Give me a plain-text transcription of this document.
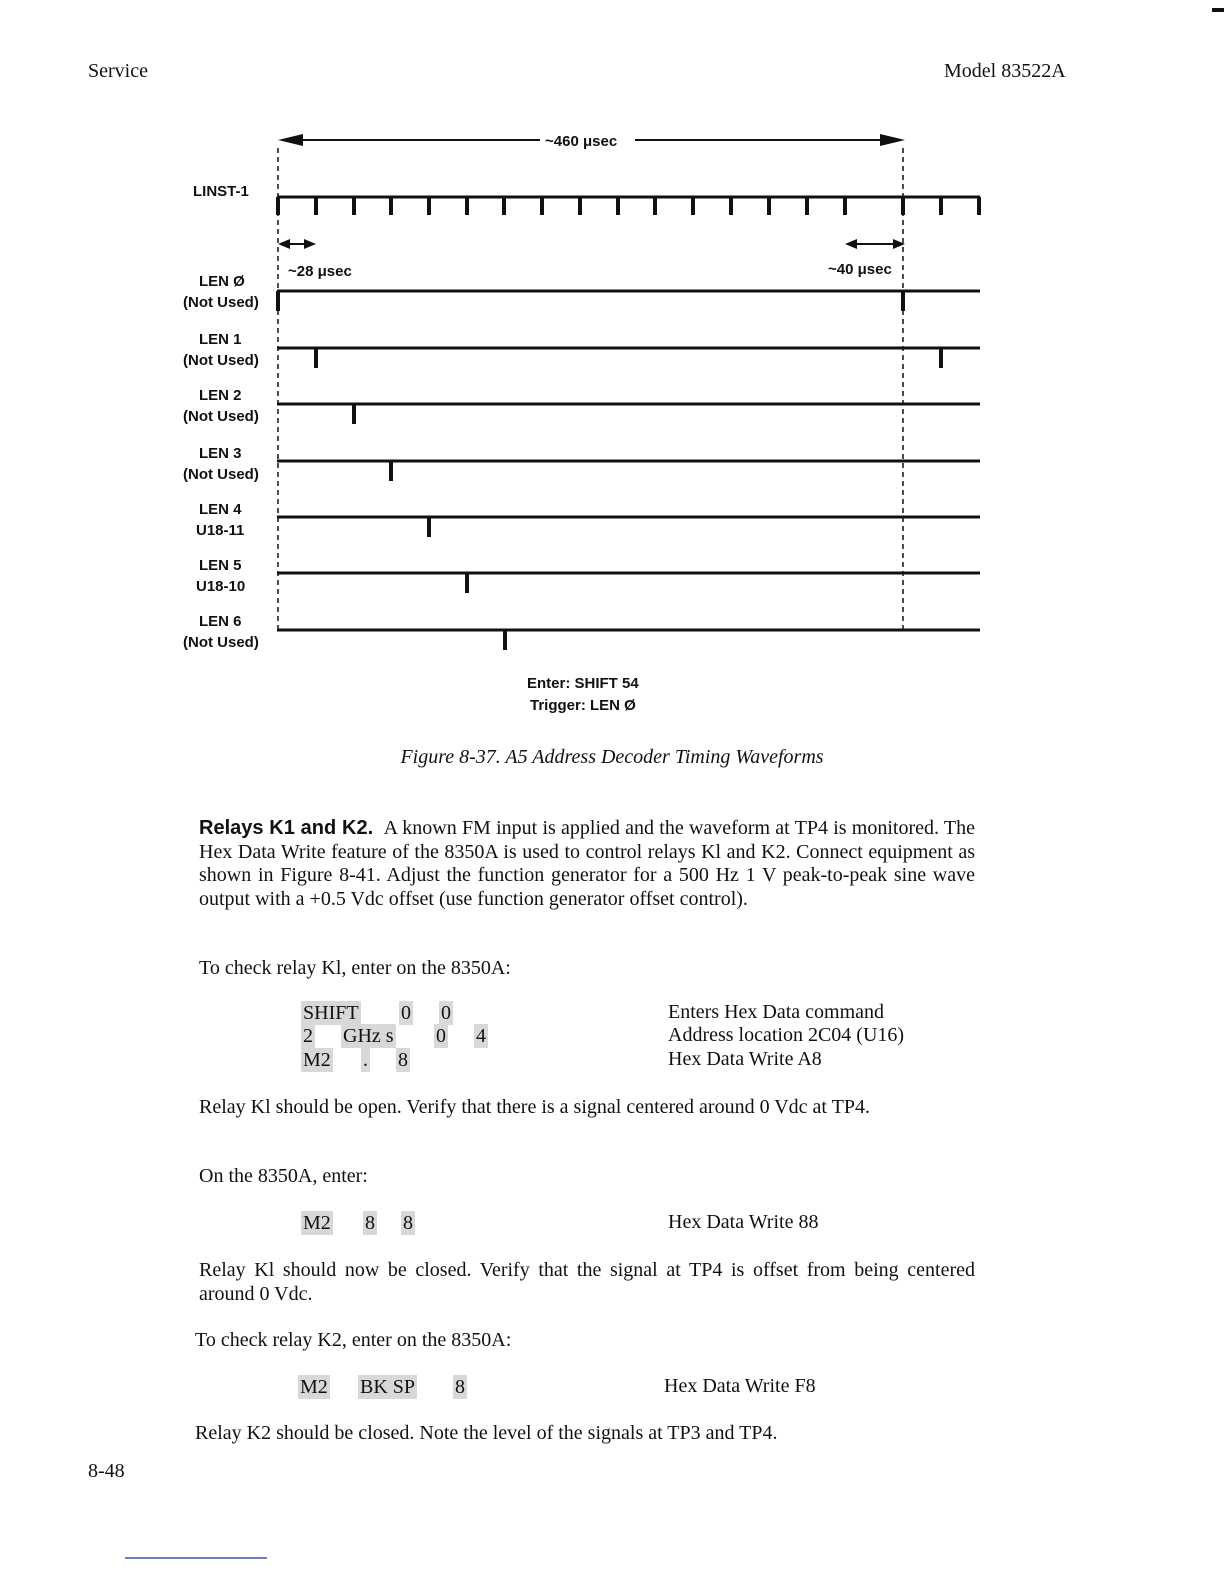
Service	Model 83522A
~460 μsec
~28 μsec	~40 μsec
LINST-1
LEN Ø
(Not Used)
LEN 1
(Not Used)
LEN 2
(Not Used)
LEN 3
(Not Used)
LEN 4
U18-11
LEN 5
U18-10
LEN 6
(Not Used)
Enter: SHIFT 54
Trigger: LEN Ø
Figure 8-37. A5 Address Decoder Timing Waveforms
Relays K1 and K2. A known FM input is applied and the waveform at TP4 is monitored. The Hex Data Write feature of the 8350A is used to control relays Kl and K2. Connect equipment as shown in Figure 8-41. Adjust the function generator for a 500 Hz 1 V peak-to-peak sine wave output with a +0.5 Vdc offset (use function generator offset control).
To check relay Kl, enter on the 8350A:
SHIFT 0 0	Enters Hex Data command
2 GHz s 0 4	Address location 2C04 (U16)
M2 . 8	Hex Data Write A8
Relay Kl should be open. Verify that there is a signal centered around 0 Vdc at TP4.
On the 8350A, enter:
M2 8 8	Hex Data Write 88
Relay Kl should now be closed. Verify that the signal at TP4 is offset from being centered around 0 Vdc.
To check relay K2, enter on the 8350A:
M2 BK SP 8	Hex Data Write F8
Relay K2 should be closed. Note the level of the signals at TP3 and TP4.
8-48
